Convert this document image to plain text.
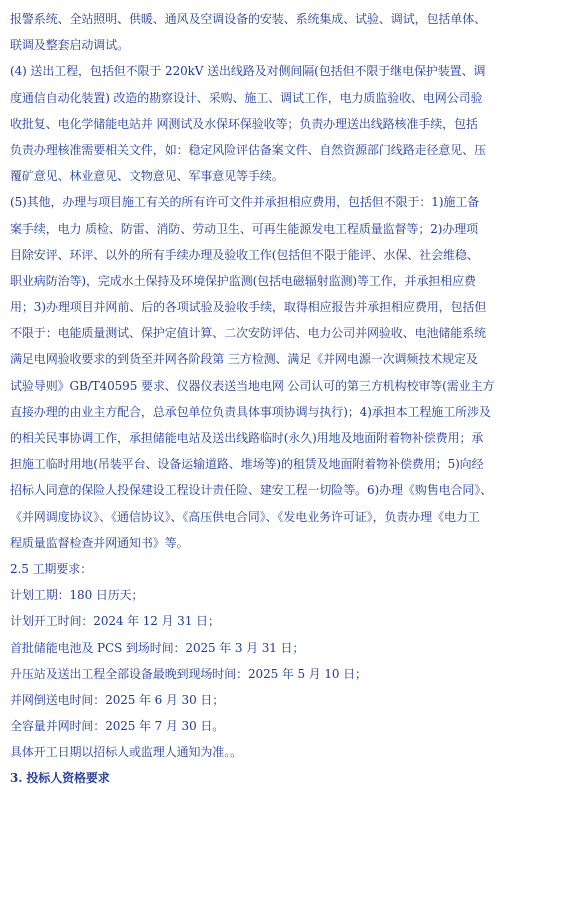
报警系统、全站照明、供暖、通风及空调设备的安装、系统集成、试验、调试，包括单体、
联调及整套启动调试。
(4) 送出工程，包括但不限于 220kV 送出线路及对侧间隔(包括但不限于继电保护装置、调
度通信自动化装置) 改造的勘察设计、采购、施工、调试工作，电力质监验收、电网公司验
收批复、电化学储能电站并 网测试及水保环保验收等；负责办理送出线路核准手续，包括
负责办理核准需要相关文件，如：稳定风险评估备案文件、自然资源部门线路走径意见、压
覆矿意见、林业意见、文物意见、军事意见等手续。
(5)其他，办理与项目施工有关的所有许可文件并承担相应费用，包括但不限于：1)施工备
案手续，电力 质检、防雷、消防、劳动卫生、可再生能源发电工程质量监督等；2)办理项
目除安评、环评、以外的所有手续办理及验收工作(包括但不限于能评、水保、社会维稳、
职业病防治等)，完成水土保持及环境保护监测(包括电磁辐射监测)等工作，并承担相应费
用；3)办理项目并网前、后的各项试验及验收手续，取得相应报告并承担相应费用，包括但
不限于：电能质量测试、保护定值计算、二次安防评估、电力公司并网验收、电池储能系统
满足电网验收要求的到货至并网各阶段第 三方检测、满足《并网电源一次调频技术规定及
试验导则》GB/T40595 要求、仪器仪表送当地电网 公司认可的第三方机构校审等(需业主方
直接办理的由业主方配合，总承包单位负责具体事项协调与执行)；4)承担本工程施工所涉及
的相关民事协调工作，承担储能电站及送出线路临时(永久)用地及地面附着物补偿费用；承
担施工临时用地(吊装平台、设备运输道路、堆场等)的租赁及地面附着物补偿费用；5)向经
招标人同意的保险人投保建设工程设计责任险、建安工程一切险等。6)办理《购售电合同》、
《并网调度协议》、《通信协议》、《高压供电合同》、《发电业务许可证》，负责办理《电力工
程质量监督检查并网通知书》等。
2.5 工期要求：
计划工期：180 日历天；
计划开工时间：2024 年 12 月 31 日；
首批储能电池及 PCS 到场时间：2025 年 3 月 31 日；
升压站及送出工程全部设备最晚到现场时间：2025 年 5 月 10 日；
并网倒送电时间：2025 年 6 月 30 日；
全容量并网时间：2025 年 7 月 30 日。
具体开工日期以招标人或监理人通知为准。。
3. 投标人资格要求
